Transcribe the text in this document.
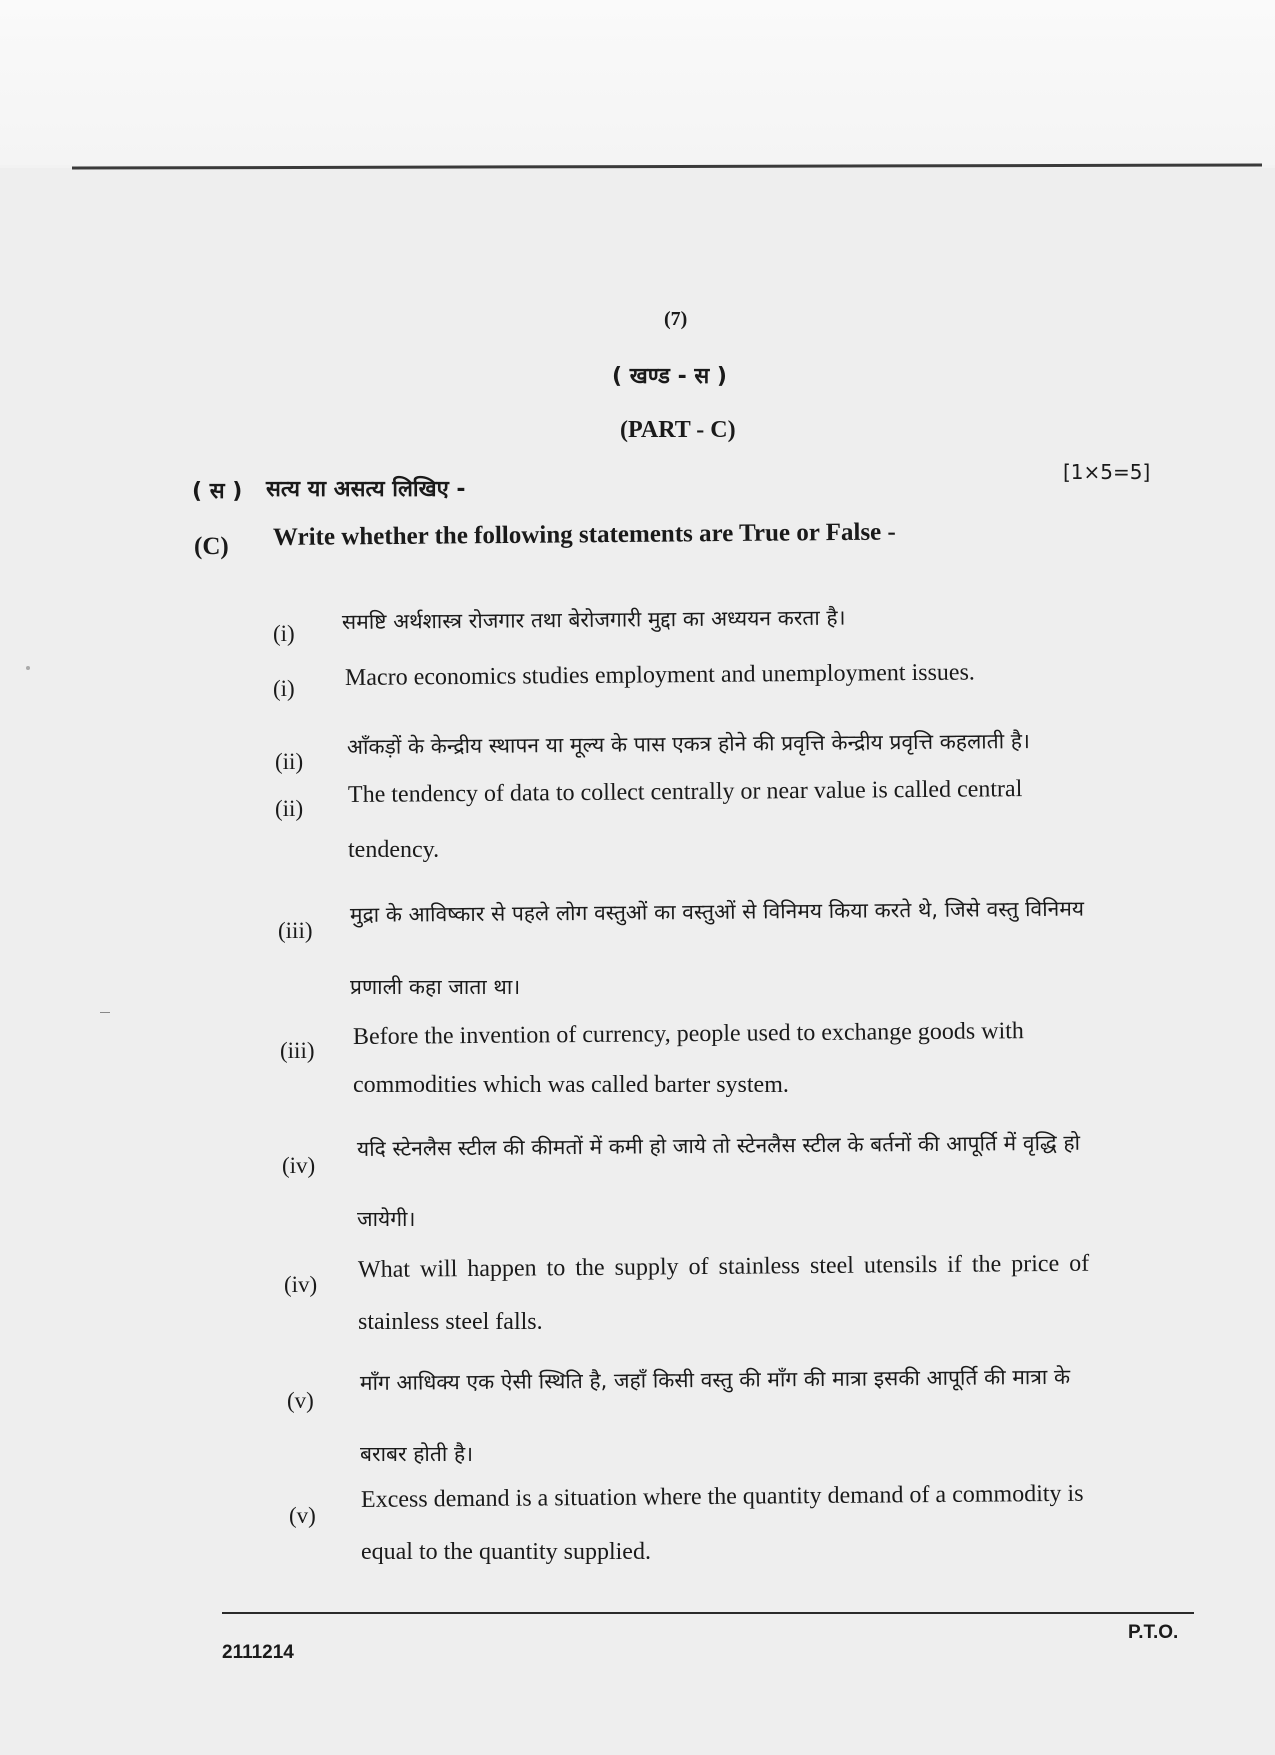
(7)
( खण्ड - स )
(PART - C)
[1×5=5]
( स ) सत्य या असत्य लिखिए -
(C) Write whether the following statements are True or False -
(i) समष्टि अर्थशास्त्र रोजगार तथा बेरोजगारी मुद्दा का अध्ययन करता है।
(i) Macro economics studies employment and unemployment issues.
(ii)
आँकड़ों के केन्द्रीय स्थापन या मूल्य के पास एकत्र होने की प्रवृत्ति केन्द्रीय प्रवृत्ति कहलाती है।
(ii)
The tendency of data to collect centrally or near value is called central
tendency.
(iii)
मुद्रा के आविष्कार से पहले लोग वस्तुओं का वस्तुओं से विनिमय किया करते थे, जिसे वस्तु विनिमय
प्रणाली कहा जाता था।
(iii)
Before the invention of currency, people used to exchange goods with
commodities which was called barter system.
(iv)
यदि स्टेनलैस स्टील की कीमतों में कमी हो जाये तो स्टेनलैस स्टील के बर्तनों की आपूर्ति में वृद्धि हो
जायेगी।
(iv)
What will happen to the supply of stainless steel utensils if the price of
stainless steel falls.
(v)
माँग आधिक्य एक ऐसी स्थिति है, जहाँ किसी वस्तु की माँग की मात्रा इसकी आपूर्ति की मात्रा के
बराबर होती है।
(v)
Excess demand is a situation where the quantity demand of a commodity is
equal to the quantity supplied.
2111214
P.T.O.
